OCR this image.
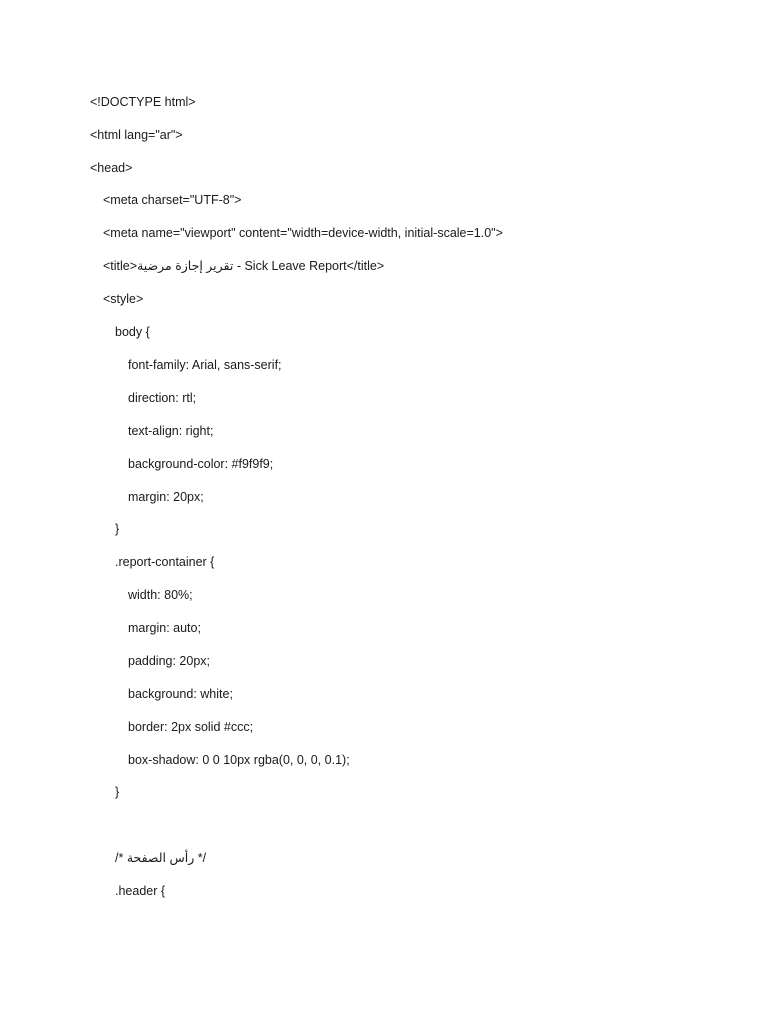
<!DOCTYPE html>
<html lang="ar">
<head>
<meta charset="UTF-8">
<meta name="viewport" content="width=device-width, initial-scale=1.0">
<title>تقرير إجازة مرضية - Sick Leave Report</title>
<style>
body {
font-family: Arial, sans-serif;
direction: rtl;
text-align: right;
background-color: #f9f9f9;
margin: 20px;
}
.report-container {
width: 80%;
margin: auto;
padding: 20px;
background: white;
border: 2px solid #ccc;
box-shadow: 0 0 10px rgba(0, 0, 0, 0.1);
}
/* رأس الصفحة */
.header {
